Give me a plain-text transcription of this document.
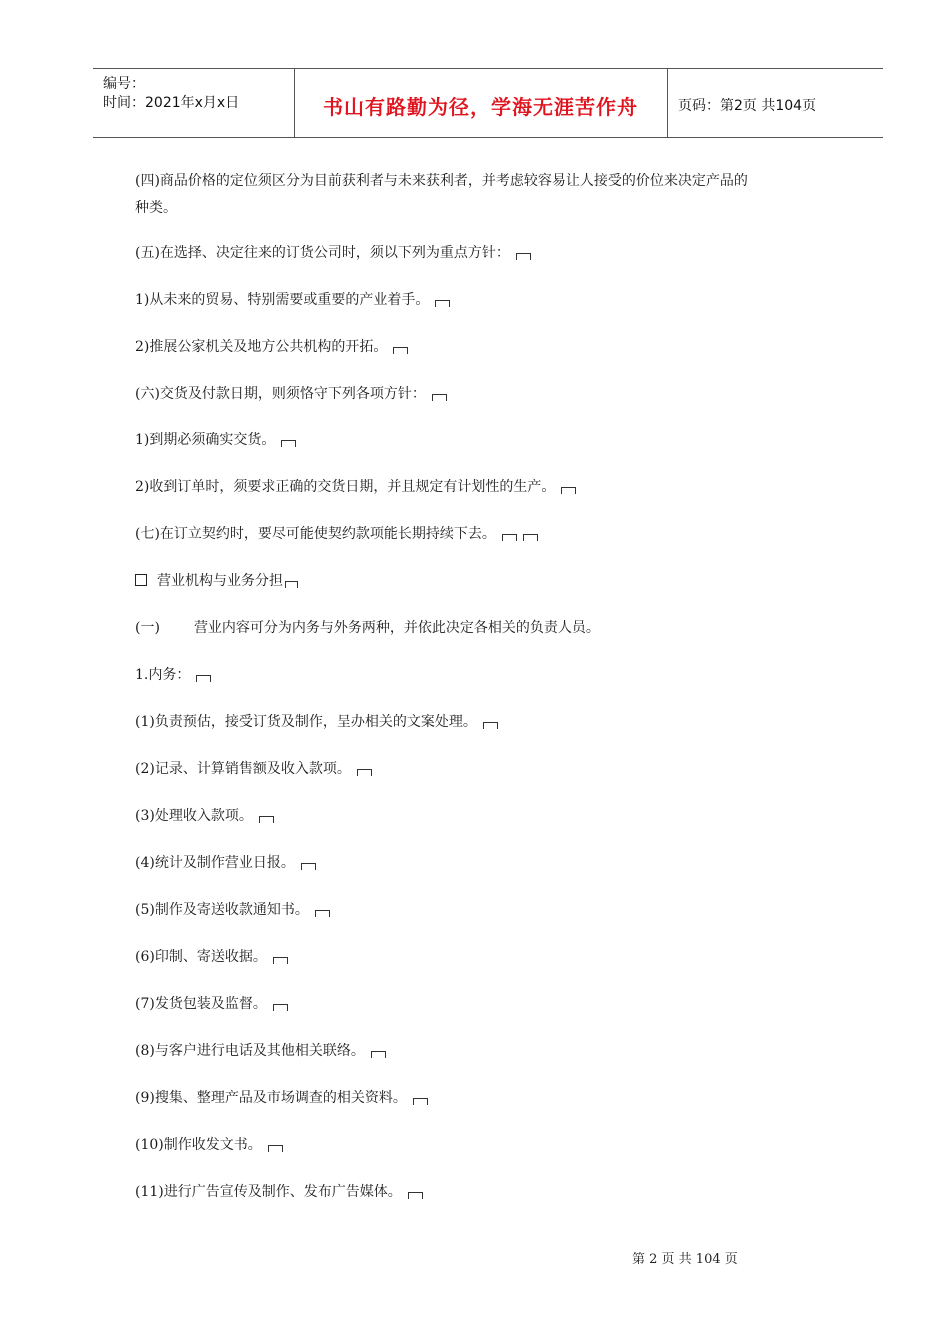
编号：
时间：2021年x月x日	书山有路勤为径，学海无涯苦作舟	页码：第2页 共104页
(四)商品价格的定位须区分为目前获利者与未来获利者，并考虑较容易让人接受的价位来决定产品的
种类。
(五)在选择、决定往来的订货公司时，须以下列为重点方针：
1)从未来的贸易、特别需要或重要的产业着手。
2)推展公家机关及地方公共机构的开拓。
(六)交货及付款日期，则须恪守下列各项方针：
1)到期必须确实交货。
2)收到订单时，须要求正确的交货日期，并且规定有计划性的生产。
(七)在订立契约时，要尽可能使契约款项能长期持续下去。
营业机构与业务分担
(一) 营业内容可分为内务与外务两种，并依此决定各相关的负责人员。
1.内务：
(1)负责预估，接受订货及制作，呈办相关的文案处理。
(2)记录、计算销售额及收入款项。
(3)处理收入款项。
(4)统计及制作营业日报。
(5)制作及寄送收款通知书。
(6)印制、寄送收据。
(7)发货包装及监督。
(8)与客户进行电话及其他相关联络。
(9)搜集、整理产品及市场调查的相关资料。
(10)制作收发文书。
(11)进行广告宣传及制作、发布广告媒体。
第 2 页 共 104 页
